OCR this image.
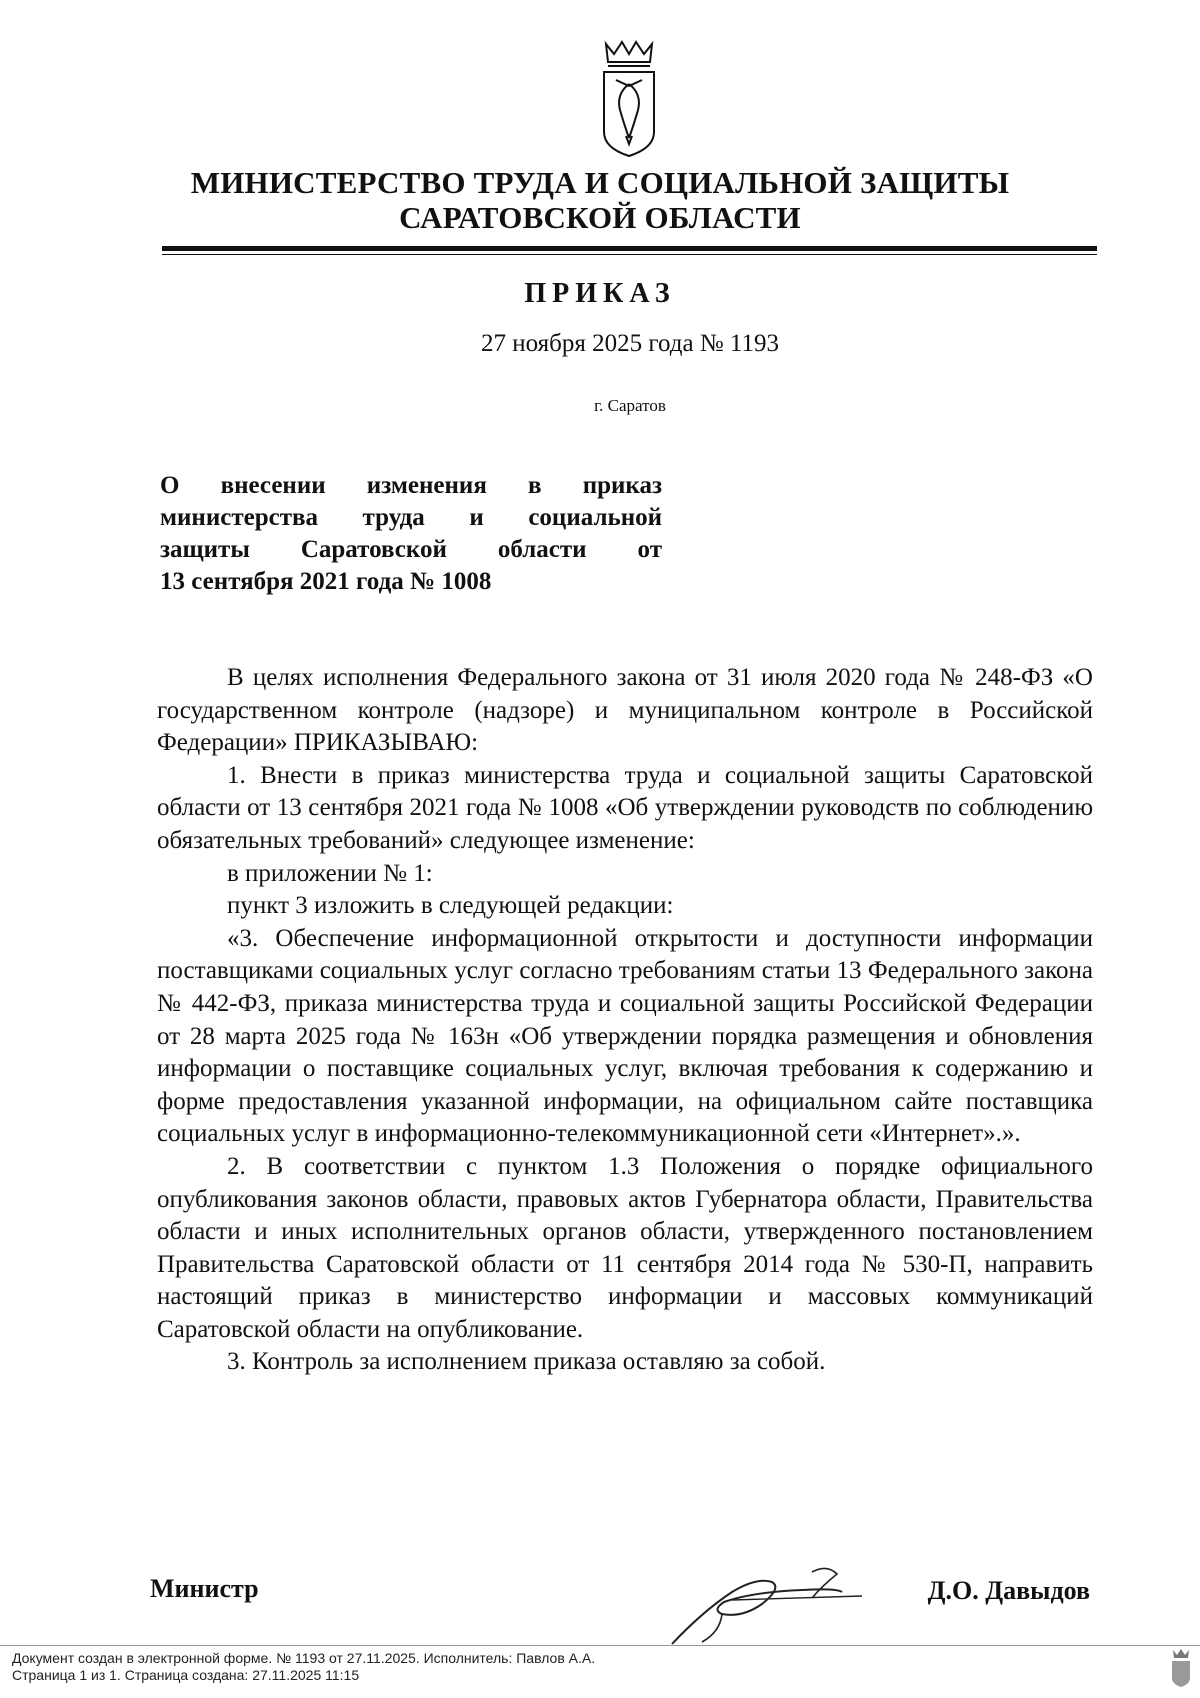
МИНИСТЕРСТВО ТРУДА И СОЦИАЛЬНОЙ ЗАЩИТЫ
САРАТОВСКОЙ ОБЛАСТИ
ПРИКАЗ
27 ноября 2025 года № 1193
г. Саратов
О внесении изменения в приказ
министерства труда и социальной
защиты Саратовской области от
13 сентября 2021 года № 1008

В целях исполнения Федерального закона от 31 июля 2020 года № 248-ФЗ «О государственном контроле (надзоре) и муниципальном контроле в Российской Федерации» ПРИКАЗЫВАЮ:

1. Внести в приказ министерства труда и социальной защиты Саратовской области от 13 сентября 2021 года № 1008 «Об утверждении руководств по соблюдению обязательных требований» следующее изменение:

в приложении № 1:

пункт 3 изложить в следующей редакции:

«3. Обеспечение информационной открытости и доступности информации поставщиками социальных услуг согласно требованиям статьи 13 Федерального закона № 442-ФЗ, приказа министерства труда и социальной защиты Российской Федерации от 28 марта 2025 года № 163н «Об утверждении порядка размещения и обновления информации о поставщике социальных услуг, включая требования к содержанию и форме предоставления указанной информации, на официальном сайте поставщика социальных услуг в информационно-телекоммуникационной сети «Интернет».».

2. В соответствии с пунктом 1.3 Положения о порядке официального опубликования законов области, правовых актов Губернатора области, Правительства области и иных исполнительных органов области, утвержденного постановлением Правительства Саратовской области от 11 сентября 2014 года № 530-П, направить настоящий приказ в министерство информации и массовых коммуникаций Саратовской области на опубликование.

3. Контроль за исполнением приказа оставляю за собой.

Министр	Д.О. Давыдов
Документ создан в электронной форме. № 1193 от 27.11.2025. Исполнитель: Павлов А.А.
Страница 1 из 1. Страница создана: 27.11.2025 11:15
